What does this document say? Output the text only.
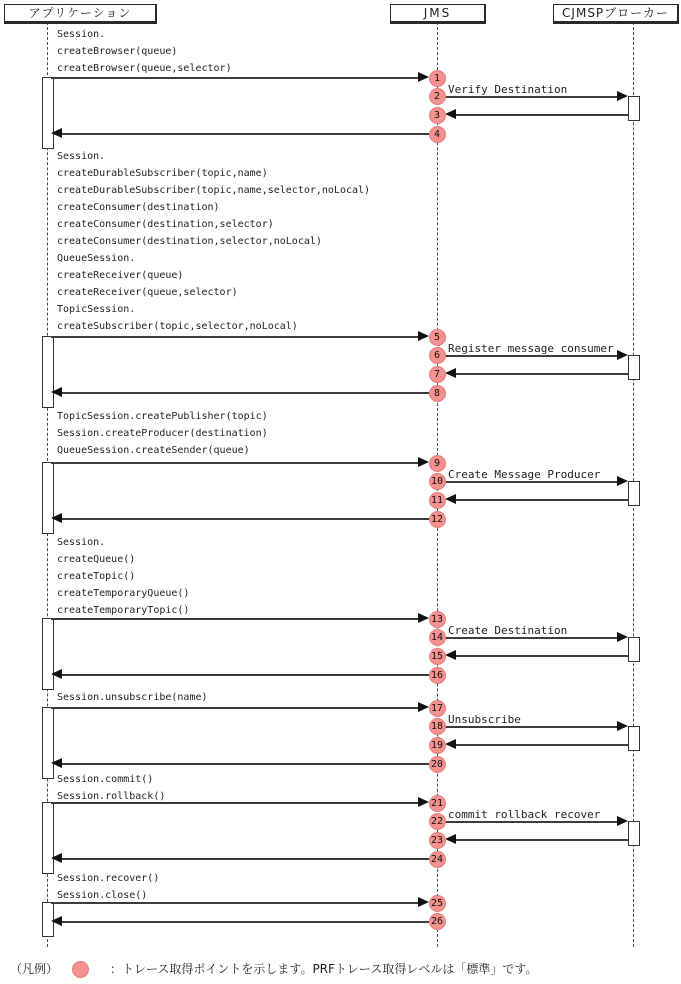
アプリケーション	JMS	CJMSPブローカー
Session.
createBrowser(queue)
createBrowser(queue,selector)
Verify Destination
1
2
3
4
Session.
createDurableSubscriber(topic,name)
createDurableSubscriber(topic,name,selector,noLocal)
createConsumer(destination)
createConsumer(destination,selector)
createConsumer(destination,selector,noLocal)
QueueSession.
createReceiver(queue)
createReceiver(queue,selector)
TopicSession.
createSubscriber(topic,selector,noLocal)
Register message consumer
5
6
7
8
TopicSession.createPublisher(topic)
Session.createProducer(destination)
QueueSession.createSender(queue)
Create Message Producer
9
10
11
12
Session.
createQueue()
createTopic()
createTemporaryQueue()
createTemporaryTopic()
Create Destination
13
14
15
16
Session.unsubscribe(name)
Unsubscribe
17
18
19
20
Session.commit()
Session.rollback()
commit rollback recover
21
22
23
24
Session.recover()
Session.close()
25
26
（凡例）	：トレース取得ポイントを示します。PRFトレース取得レベルは「標準」です。
